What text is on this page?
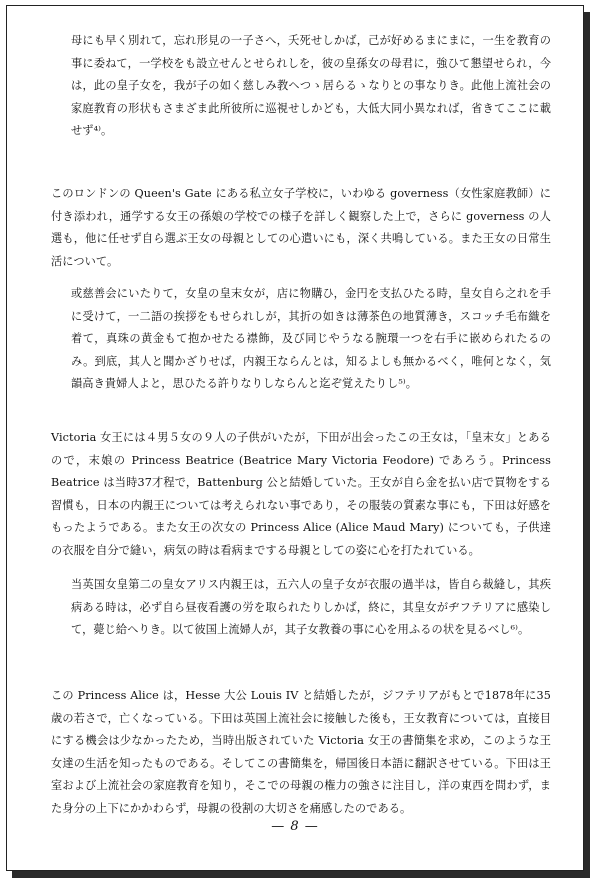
母にも早く別れて，忘れ形見の一子さへ，夭死せしかば，己が好めるまにまに，一生を教育の事に委ねて，一学校をも設立せんとせられしを，彼の皇孫女の母君に，強ひて懇望せられ，今は，此の皇子女を，我が子の如く慈しみ教ヘつゝ居らるゝなりとの事なりき。此他上流社会の家庭教育の形状もさまざま此所彼所に巡視せしかども，大低大同小異なれば，省きてここに載せず⁴⁾。

このロンドンの Queen's Gate にある私立女子学校に，いわゆる governess（女性家庭教師）に付き添われ，通学する女王の孫娘の学校での様子を詳しく観察した上で，さらに governess の人選も，他に任せず自ら選ぶ王女の母親としての心遣いにも，深く共鳴している。また王女の日常生活について。

或慈善会にいたりて，女皇の皇末女が，店に物購ひ，金円を支払ひたる時，皇女自ら之れを手に受けて，一二語の挨拶をもせられしが，其折の如きは薄茶色の地質薄き，スコッチ毛布織を着て，真珠の黄金もて抱かせたる襟飾，及び同じやうなる腕環一つを右手に嵌められたるのみ。到底，其人と聞かざりせば，内親王ならんとは，知るよしも無かるべく，唯何となく，気韻高き貴婦人よと，思ひたる許りなりしならんと迄ぞ覚えたりし⁵⁾。

Victoria 女王には４男５女の９人の子供がいたが，下田が出会ったこの王女は，「皇末女」とあるので，末娘の Princess Beatrice (Beatrice Mary Victoria Feodore) であろう。Princess Beatrice は当時37才程で，Battenburg 公と結婚していた。王女が自ら金を払い店で買物をする習慣も，日本の内親王については考えられない事であり，その服装の質素な事にも，下田は好感をもったようである。また女王の次女の Princess Alice (Alice Maud Mary) についても，子供達の衣服を自分で縫い，病気の時は看病までする母親としての姿に心を打たれている。

当英国女皇第二の皇女アリス内親王は，五六人の皇子女が衣服の過半は，皆自ら裁縫し，其疾病ある時は，必ず自ら昼夜看護の労を取られたりしかば，終に，其皇女がヂフテリアに感染して，薨じ給へりき。以て彼国上流婦人が，其子女教養の事に心を用ふるの状を見るべし⁶⁾。

この Princess Alice は，Hesse 大公 Louis IV と結婚したが，ジフテリアがもとで1878年に35歳の若さで，亡くなっている。下田は英国上流社会に接触した後も，王女教育については，直接目にする機会は少なかったため，当時出版されていた Victoria 女王の書簡集を求め，このような王女達の生活を知ったものである。そしてこの書簡集を，帰国後日本語に翻訳させている。下田は王室および上流社会の家庭教育を知り，そこでの母親の権力の強さに注目し，洋の東西を問わず，また身分の上下にかかわらず，母親の役割の大切さを痛感したのである。

— 8 —
